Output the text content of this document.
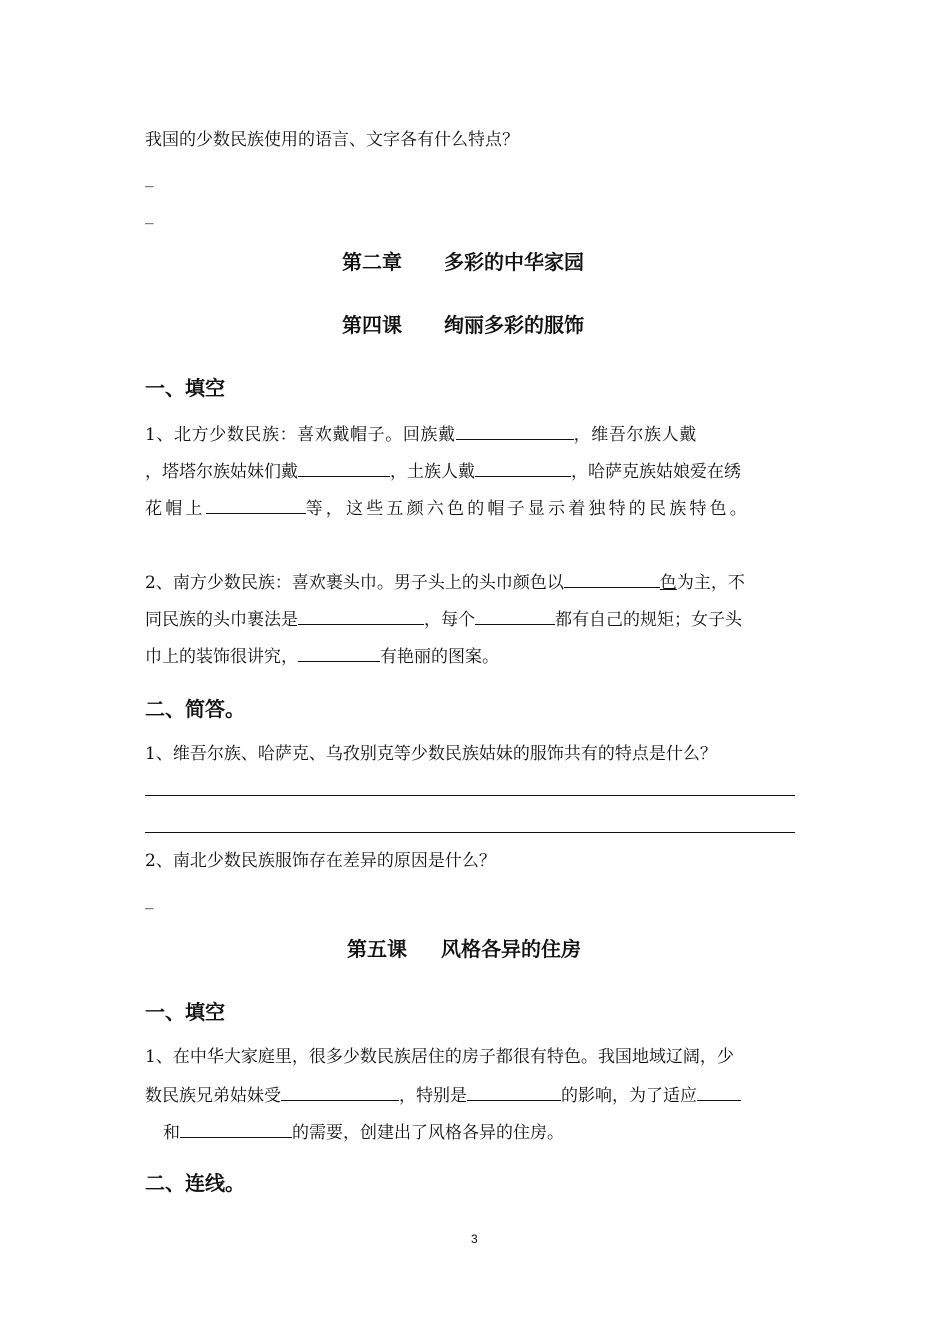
我国的少数民族使用的语言、文字各有什么特点？
_
_
第二章 多彩的中华家园
第四课 绚丽多彩的服饰
一、填空
1、北方少数民族：喜欢戴帽子。回族戴	，维吾尔族人戴
，塔塔尔族姑妹们戴	，土族人戴	，哈萨克族姑娘爱在绣
花帽上	等，这些五颜六色的帽子显示着独特的民族特色。
2、南方少数民族：喜欢裹头巾。男子头上的头巾颜色以	色为主，不
同民族的头巾裹法是	，每个	都有自己的规矩；女子头
巾上的装饰很讲究，	有艳丽的图案。
二、简答。
1、维吾尔族、哈萨克、乌孜别克等少数民族姑妹的服饰共有的特点是什么？
2、南北少数民族服饰存在差异的原因是什么？
_
第五课 风格各异的住房
一、填空
1、在中华大家庭里，很多少数民族居住的房子都很有特色。我国地域辽阔，少
数民族兄弟姑妹受	，特别是	的影响，为了适应
和	的需要，创建出了风格各异的住房。
二、连线。
3
